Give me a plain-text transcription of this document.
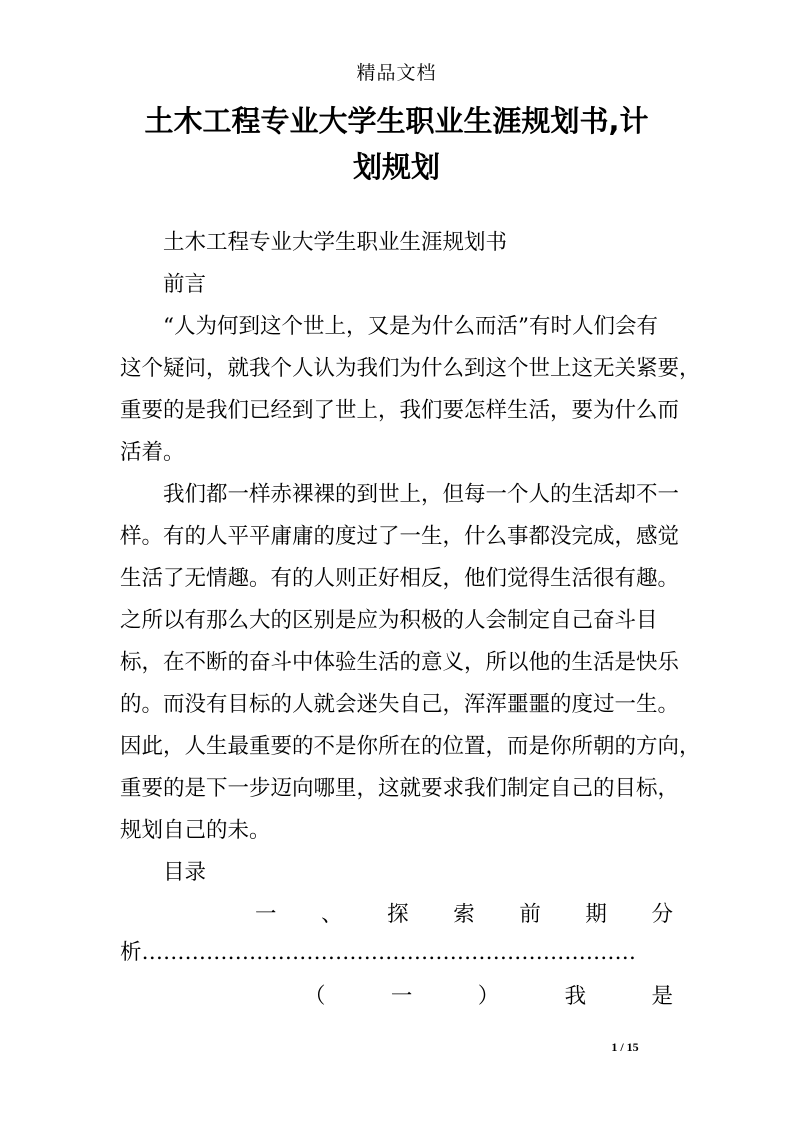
精品文档
土木工程专业大学生职业生涯规划书,计
划规划
土木工程专业大学生职业生涯规划书
前言
“人为何到这个世上，又是为什么而活”有时人们会有
这个疑问，就我个人认为我们为什么到这个世上这无关紧要，
重要的是我们已经到了世上，我们要怎样生活，要为什么而
活着。
我们都一样赤裸裸的到世上，但每一个人的生活却不一
样。有的人平平庸庸的度过了一生，什么事都没完成，感觉
生活了无情趣。有的人则正好相反，他们觉得生活很有趣。
之所以有那么大的区别是应为积极的人会制定自己奋斗目
标，在不断的奋斗中体验生活的意义，所以他的生活是快乐
的。而没有目标的人就会迷失自己，浑浑噩噩的度过一生。
因此，人生最重要的不是你所在的位置，而是你所朝的方向，
重要的是下一步迈向哪里，这就要求我们制定自己的目标，
规划自己的未。
目录
一 、 探 索 前 期 分
析……………………………………………………………
（	一	）	我	是
1 / 15
